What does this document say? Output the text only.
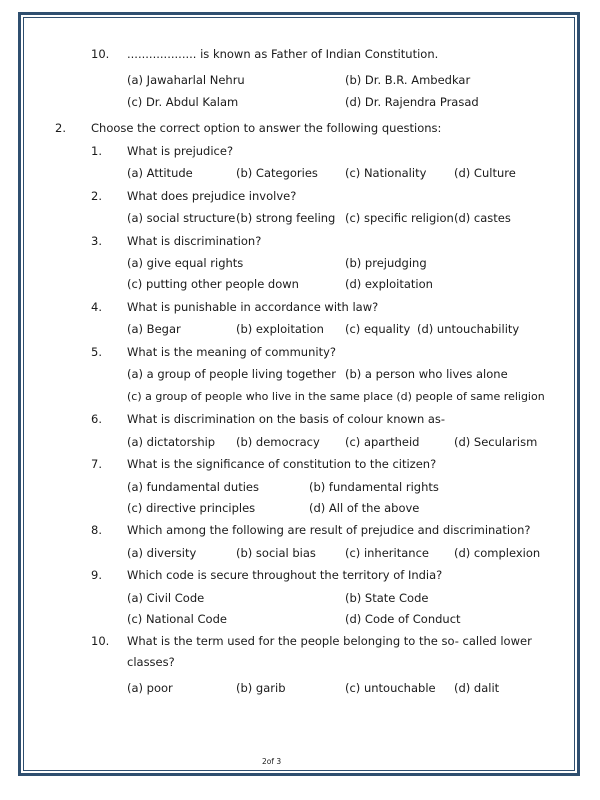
10. ................... is known as Father of Indian Constitution.
(a) Jawaharlal Nehru	(b) Dr. B.R. Ambedkar
(c) Dr. Abdul Kalam	(d) Dr. Rajendra Prasad
2. Choose the correct option to answer the following questions:
1. What is prejudice?
(a) Attitude	(b) Categories (c) Nationality (d) Culture
2. What does prejudice involve?
(a) social structure (b) strong feeling (c) specific religion (d) castes
3. What is discrimination?
(a) give equal rights	(b) prejudging
(c) putting other people down	(d) exploitation
4. What is punishable in accordance with law?
(a) Begar	(b) exploitation (c) equality (d) untouchability
5. What is the meaning of community?
(a) a group of people living together (b) a person who lives alone
(c) a group of people who live in the same place (d) people of same religion
6. What is discrimination on the basis of colour known as-
(a) dictatorship (b) democracy (c) apartheid	(d) Secularism
7. What is the significance of constitution to the citizen?
(a) fundamental duties	(b) fundamental rights
(c) directive principles	(d) All of the above
8. Which among the following are result of prejudice and discrimination?
(a) diversity	(b) social bias	(c) inheritance (d) complexion
9. Which code is secure throughout the territory of India?
(a) Civil Code	(b) State Code
(c) National Code	(d) Code of Conduct
10. What is the term used for the people belonging to the so- called lower
classes?
(a) poor	(b) garib	(c) untouchable (d) dalit
2of 3
